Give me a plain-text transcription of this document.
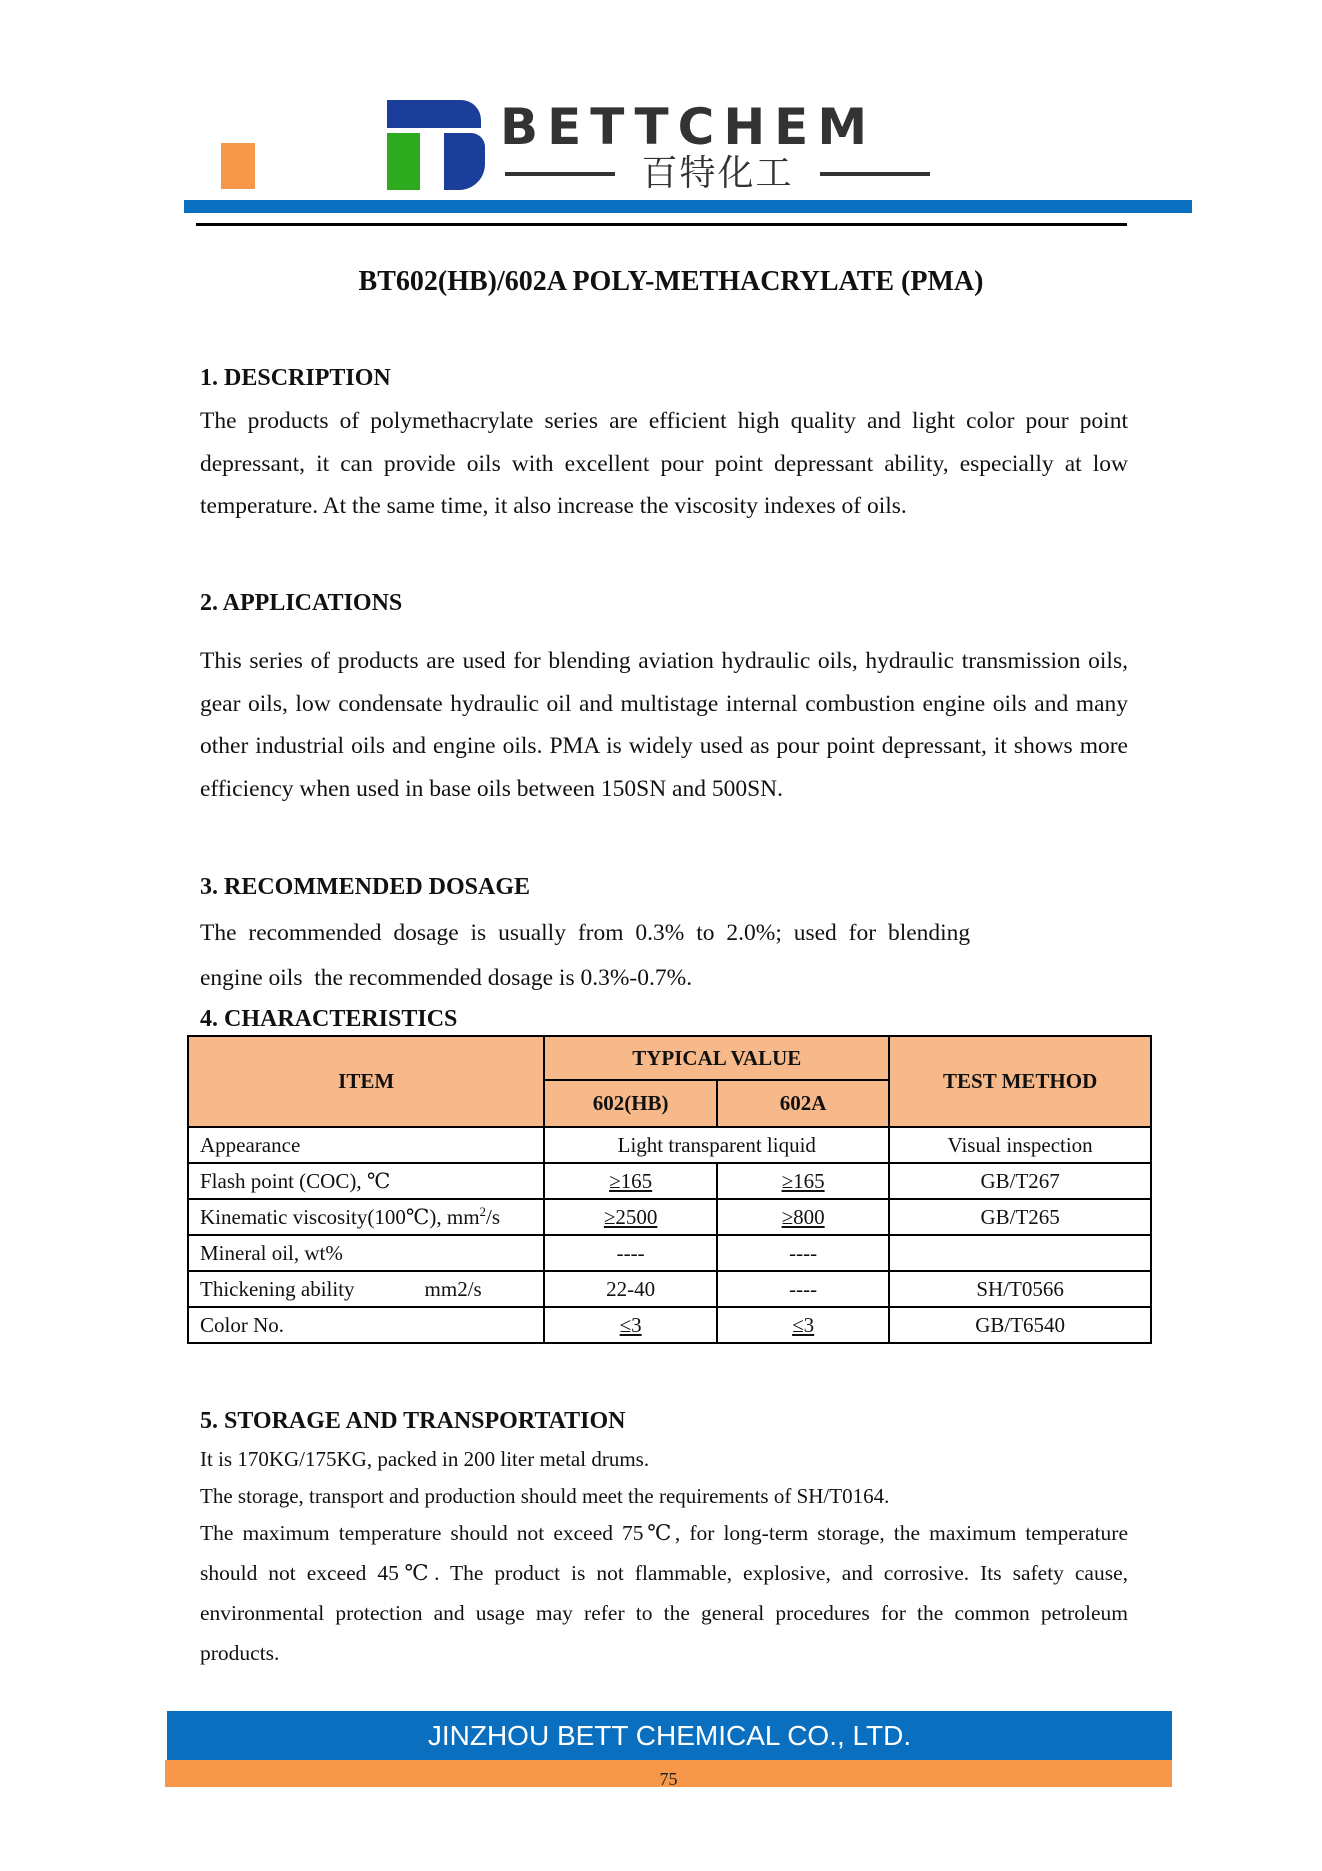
BETTCHEM
百特化工
BT602(HB)/602A POLY-METHACRYLATE (PMA)
1. DESCRIPTION
The products of polymethacrylate series are efficient high quality and light color pour point depressant, it can provide oils with excellent pour point depressant ability, especially at low temperature. At the same time, it also increase the viscosity indexes of oils.
2. APPLICATIONS
This series of products are used for blending aviation hydraulic oils, hydraulic transmission oils, gear oils, low condensate hydraulic oil and multistage internal combustion engine oils and many other industrial oils and engine oils. PMA is widely used as pour point depressant, it shows more efficiency when used in base oils between 150SN and 500SN.
3. RECOMMENDED DOSAGE
The recommended dosage is usually from 0.3% to 2.0%; used for blending
engine oils  the recommended dosage is 0.3%-0.7%.
4. CHARACTERISTICS
ITEM	TYPICAL VALUE		TEST METHOD
	602(HB)	602A	
Appearance	Light transparent liquid		Visual inspection
Flash point (COC), ℃	≥165	≥165	GB/T267
Kinematic viscosity(100℃), $mm^2/s$	≥2500	≥800	GB/T265
Mineral oil, wt%	----	----	
Thickening ability mm2/s	22-40	----	SH/T0566
Color No.	≤3	≤3	GB/T6540
5. STORAGE AND TRANSPORTATION
It is 170KG/175KG, packed in 200 liter metal drums.
The storage, transport and production should meet the requirements of SH/T0164.
The maximum temperature should not exceed 75℃, for long-term storage, the maximum temperature should not exceed 45℃. The product is not flammable, explosive, and corrosive. Its safety cause, environmental protection and usage may refer to the general procedures for the common petroleum products.
JINZHOU BETT CHEMICAL CO., LTD.
75
